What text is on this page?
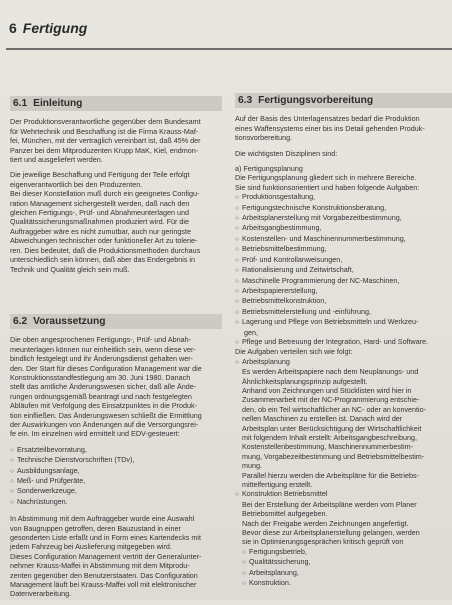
6 Fertigung
6.1 Einleitung

Der Produktionsverantwortliche gegenüber dem Bundesamt
für Wehrtechnik und Beschaffung ist die Firma Krauss-Maf-
fei, München, mit der vertraglich vereinbart ist, daß 45% der
Panzer bei dem Mitproduzenten Krupp MaK, Kiel, endmon-
tiert und ausgeliefert werden.

Die jeweilige Beschaffung und Fertigung der Teile erfolgt
eigenverantwortlich bei den Produzenten.

Bei dieser Konstellation muß durch ein geeignetes Configu-
ration Management sichergestellt werden, daß nach den
gleichen Fertigungs-, Prüf- und Abnahmeunterlagen und
Qualitätssicherungsmaßnahmen produziert wird. Für die
Auftraggeber wäre es nicht zumutbar, auch nur geringste
Abweichungen technischer oder funktioneller Art zu tolerie-
ren. Dies bedeutet, daß die Produktionsmethoden durchaus
unterschiedlich sein können, daß aber das Endergebnis in
Technik und Qualität gleich sein muß.

6.2 Voraussetzung

Die oben angesprochenen Fertigungs-, Prüf- und Abnah-
meunterlagen können nur einheitlich sein, wenn diese ver-
bindlich festgelegt und ihr Änderungsdienst gehalten wer-
den. Der Start für dieses Configuration Management war die
Konstruktionsstandfestlegung am 30. Juni 1980. Danach
stellt das amtliche Änderungswesen sicher, daß alle Ände-
rungen ordnungsgemäß beantragt und nach festgelegten
Abläufen mit Verfolgung des Einsatzpunktes in die Produk-
tion einfließen. Das Änderungswesen schließt die Ermittlung
der Auswirkungen von Änderungen auf die Versorgungsrei-
fe ein. Im einzelnen wird ermittelt und EDV-gesteuert:

○ Ersatzteilbevorratung,
○ Technische Dienstvorschriften (TDv),
○ Ausbildungsanlage,
○ Meß- und Prüfgeräte,
○ Sonderwerkzeuge,
○ Nachrüstungen.

In Abstimmung mit dem Auftraggeber wurde eine Auswahl
von Baugruppen getroffen, deren Bauzustand in einer
gesonderten Liste erfaßt und in Form eines Kartendecks mit
jedem Fahrzeug bei Auslieferung mitgegeben wird.

Dieses Configuration Management vertritt der Generalunter-
nehmer Krauss-Maffei in Abstimmung mit dem Mitprodu-
zenten gegenüber den Benutzerstaaten. Das Configuration
Management läuft bei Krauss-Maffei voll mit elektronischer
Datenverarbeitung.

6.3 Fertigungsvorbereitung

Auf der Basis des Unterlagensatzes bedarf die Produktion
eines Waffensystems einer bis ins Detail gehenden Produk-
tionsvorbereitung.

Die wichtigsten Disziplinen sind:

a) Fertigungsplanung
Die Fertigungsplanung gliedert sich in mehrere Bereiche.
Sie sind funktionsorientiert und haben folgende Aufgaben:

○ Produktionsgestaltung,
○ Fertigungstechnische Konstruktionsberatung,
○ Arbeitsplanerstellung mit Vorgabezeitbestimmung,
○ Arbeitsgangbestimmung,
○ Kostenstellen- und Maschinennummerbestimmung,
○ Betriebsmittelbestimmung,
○ Prüf- und Kontrollanweisungen,
○ Rationalisierung und Zeitwirtschaft,
○ Maschinelle Programmierung der NC-Maschinen,
○ Arbeitspapiererstellung,
○ Betriebsmittelkonstruktion,
○ Betriebsmittelerstellung und -einführung,
○ Lagerung und Pflege von Betriebsmitteln und Werkzeu-
gen,
○ Pflege und Betreuung der Integration, Hard- und Software.

Die Aufgaben verteilen sich wie folgt:

○ Arbeitsplanung
Es werden Arbeitspapiere nach dem Neuplanungs- und
Ähnlichkeitsplanungsprinzip aufgestellt.
Anhand von Zeichnungen und Stücklisten wird hier in
Zusammenarbeit mit der NC-Programmierung entschie-
den, ob ein Teil wirtschaftlicher an NC- oder an konventio-
nellen Maschinen zu erstellen ist. Danach wird der
Arbeitsplan unter Berücksichtigung der Wirtschaftlichkeit
mit folgendem Inhalt erstellt: Arbeitsgangbeschreibung,
Kostenstellenbestimmung, Maschinennummerbestim-
mung, Vorgabezeitbestimmung und Betriebsmittelbestim-
mung.
Parallel hierzu werden die Arbeitspläne für die Betriebs-
mittelfertigung erstellt.
○ Konstruktion Betriebsmittel
Bei der Erstellung der Arbeitspläne werden vom Planer
Betriebsmittel aufgegeben.
Nach der Freigabe werden Zeichnungen angefertigt.
Bevor diese zur Arbeitsplanerstellung gelangen, werden
sie in Optimierungsgesprächen kritisch geprüft von
○ Fertigungsbetrieb,
○ Qualitätssicherung,
○ Arbeitsplanung,
○ Konstruktion.
